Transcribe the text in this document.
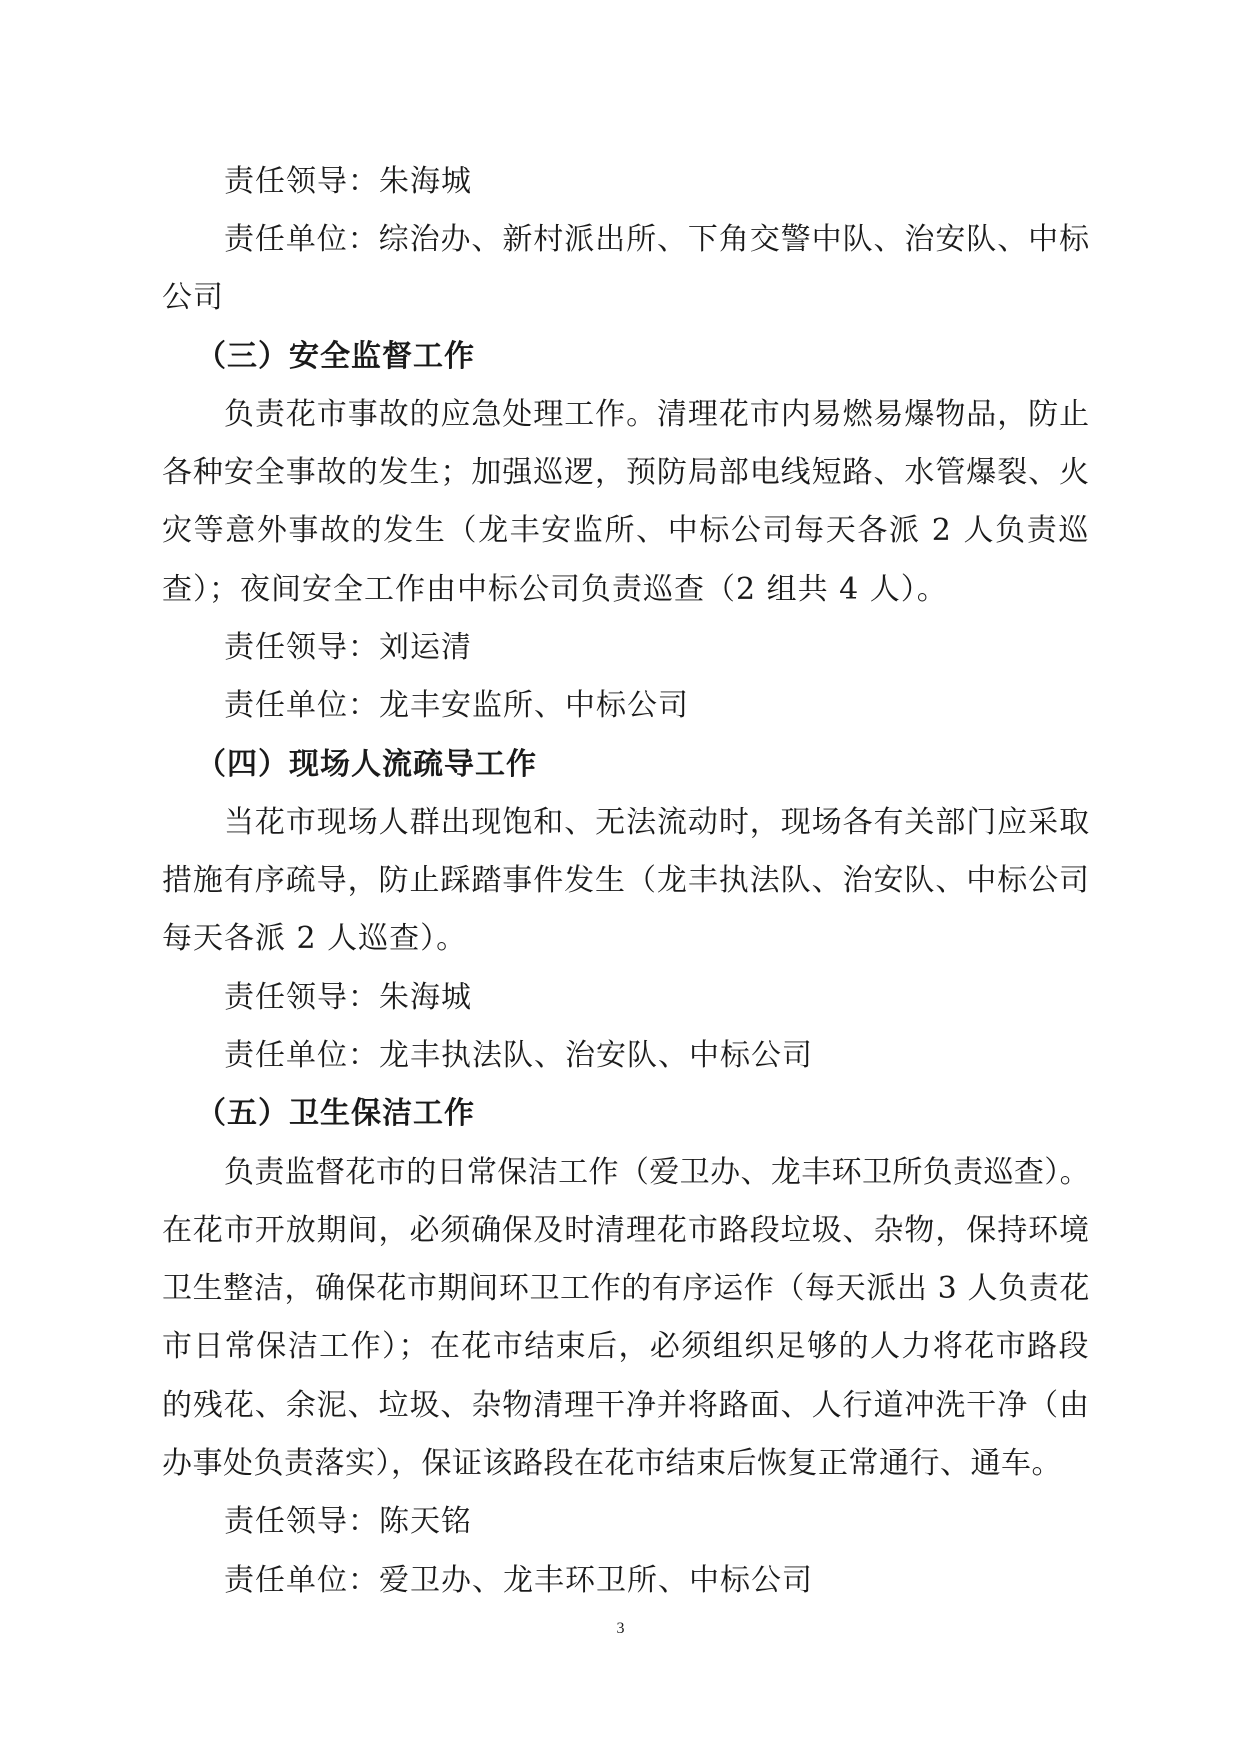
责任领导：朱海城
责任单位：综治办、新村派出所、下角交警中队、治安队、中标
公司
（三）安全监督工作
负责花市事故的应急处理工作。清理花市内易燃易爆物品，防止
各种安全事故的发生；加强巡逻，预防局部电线短路、水管爆裂、火
灾等意外事故的发生（龙丰安监所、中标公司每天各派 2 人负责巡
查）；夜间安全工作由中标公司负责巡查（2 组共 4 人）。
责任领导：刘运清
责任单位：龙丰安监所、中标公司
（四）现场人流疏导工作
当花市现场人群出现饱和、无法流动时，现场各有关部门应采取
措施有序疏导，防止踩踏事件发生（龙丰执法队、治安队、中标公司
每天各派 2 人巡查）。
责任领导：朱海城
责任单位：龙丰执法队、治安队、中标公司
（五）卫生保洁工作
负责监督花市的日常保洁工作（爱卫办、龙丰环卫所负责巡查）。
在花市开放期间，必须确保及时清理花市路段垃圾、杂物，保持环境
卫生整洁，确保花市期间环卫工作的有序运作（每天派出 3 人负责花
市日常保洁工作）；在花市结束后，必须组织足够的人力将花市路段
的残花、余泥、垃圾、杂物清理干净并将路面、人行道冲洗干净（由
办事处负责落实），保证该路段在花市结束后恢复正常通行、通车。
责任领导：陈天铭
责任单位：爱卫办、龙丰环卫所、中标公司
3
